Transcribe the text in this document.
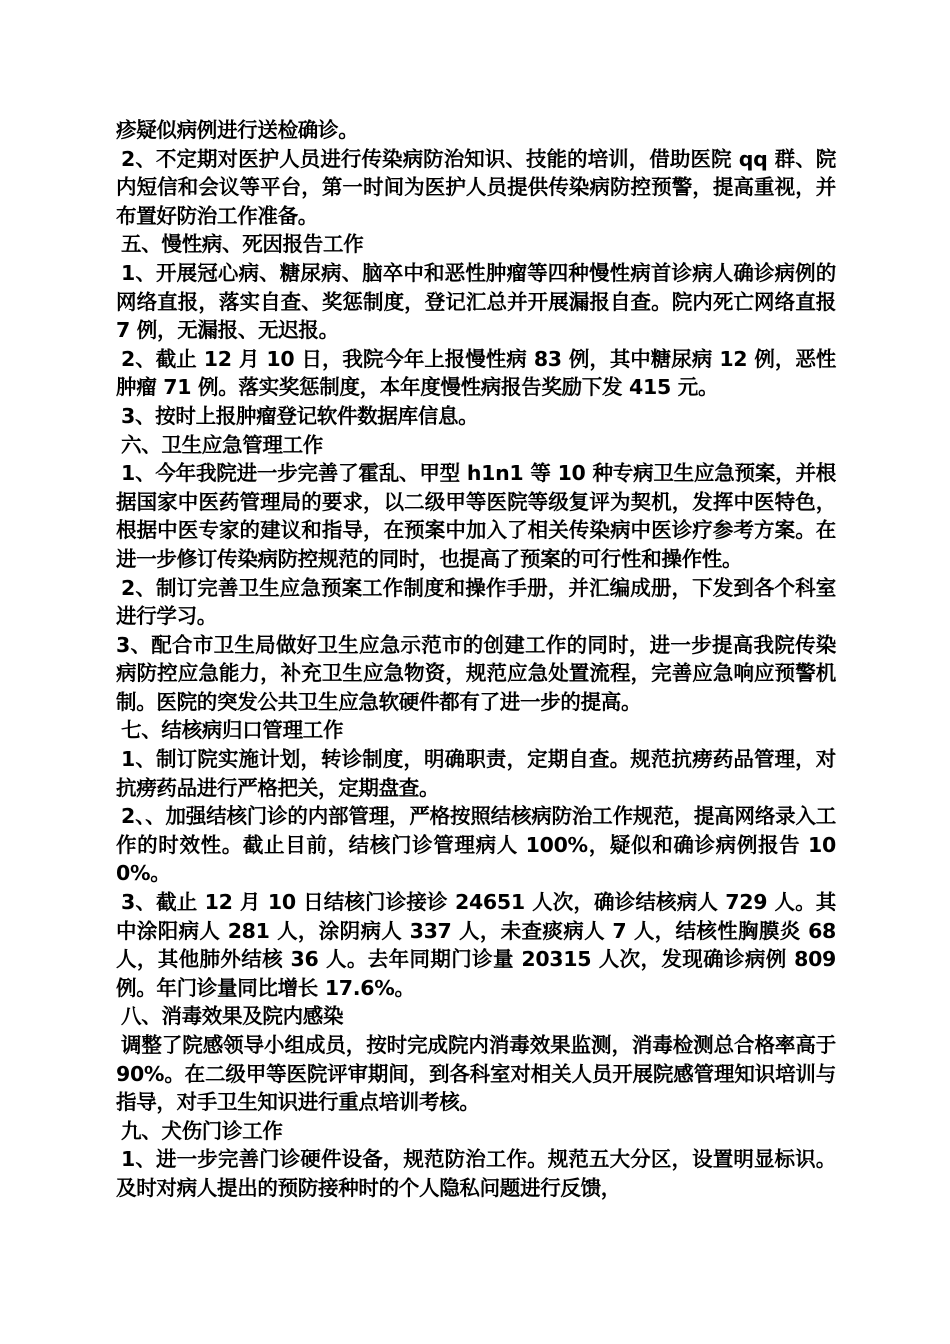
疹疑似病例进行送检确诊。

2、不定期对医护人员进行传染病防治知识、技能的培训，借助医院 qq 群、院内短信和会议等平台，第一时间为医护人员提供传染病防控预警，提高重视，并布置好防治工作准备。

五、慢性病、死因报告工作

1、开展冠心病、糖尿病、脑卒中和恶性肿瘤等四种慢性病首诊病人确诊病例的网络直报，落实自查、奖惩制度，登记汇总并开展漏报自查。院内死亡网络直报 7 例，无漏报、无迟报。

2、截止 12 月 10 日，我院今年上报慢性病 83 例，其中糖尿病 12 例，恶性肿瘤 71 例。落实奖惩制度，本年度慢性病报告奖励下发 415 元。

3、按时上报肿瘤登记软件数据库信息。

六、卫生应急管理工作

1、今年我院进一步完善了霍乱、甲型 h1n1 等 10 种专病卫生应急预案，并根据国家中医药管理局的要求，以二级甲等医院等级复评为契机，发挥中医特色，根据中医专家的建议和指导，在预案中加入了相关传染病中医诊疗参考方案。在进一步修订传染病防控规范的同时，也提高了预案的可行性和操作性。

2、制订完善卫生应急预案工作制度和操作手册，并汇编成册，下发到各个科室进行学习。

3、配合市卫生局做好卫生应急示范市的创建工作的同时，进一步提高我院传染病防控应急能力，补充卫生应急物资，规范应急处置流程，完善应急响应预警机制。医院的突发公共卫生应急软硬件都有了进一步的提高。

七、结核病归口管理工作

1、制订院实施计划，转诊制度，明确职责，定期自查。规范抗痨药品管理，对抗痨药品进行严格把关，定期盘查。

2、、加强结核门诊的内部管理，严格按照结核病防治工作规范，提高网络录入工作的时效性。截止目前，结核门诊管理病人 100%，疑似和确诊病例报告 100%。

3、截止 12 月 10 日结核门诊接诊 24651 人次，确诊结核病人 729 人。其中涂阳病人 281 人，涂阴病人 337 人，未查痰病人 7 人，结核性胸膜炎 68 人，其他肺外结核 36 人。去年同期门诊量 20315 人次，发现确诊病例 809 例。年门诊量同比增长 17.6%。

八、消毒效果及院内感染

调整了院感领导小组成员，按时完成院内消毒效果监测，消毒检测总合格率高于 90%。在二级甲等医院评审期间，到各科室对相关人员开展院感管理知识培训与指导，对手卫生知识进行重点培训考核。

九、犬伤门诊工作

1、进一步完善门诊硬件设备，规范防治工作。规范五大分区，设置明显标识。及时对病人提出的预防接种时的个人隐私问题进行反馈，
